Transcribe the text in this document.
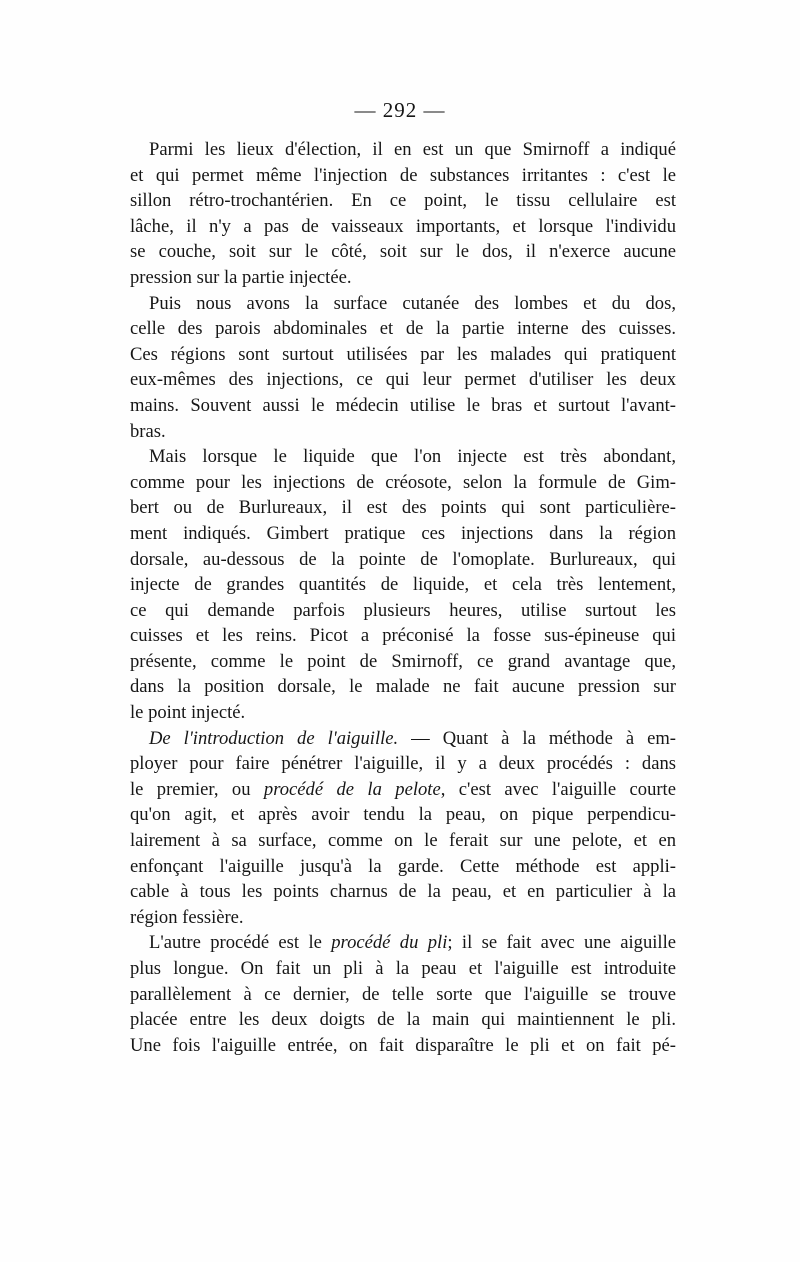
— 292 —
Parmi les lieux d'élection, il en est un que Smirnoff a indiqué
et qui permet même l'injection de substances irritantes : c'est le
sillon rétro-trochantérien. En ce point, le tissu cellulaire est
lâche, il n'y a pas de vaisseaux importants, et lorsque l'individu
se couche, soit sur le côté, soit sur le dos, il n'exerce aucune
pression sur la partie injectée.
Puis nous avons la surface cutanée des lombes et du dos,
celle des parois abdominales et de la partie interne des cuisses.
Ces régions sont surtout utilisées par les malades qui pratiquent
eux-mêmes des injections, ce qui leur permet d'utiliser les deux
mains. Souvent aussi le médecin utilise le bras et surtout l'avant-
bras.
Mais lorsque le liquide que l'on injecte est très abondant,
comme pour les injections de créosote, selon la formule de Gim-
bert ou de Burlureaux, il est des points qui sont particulière-
ment indiqués. Gimbert pratique ces injections dans la région
dorsale, au-dessous de la pointe de l'omoplate. Burlureaux, qui
injecte de grandes quantités de liquide, et cela très lentement,
ce qui demande parfois plusieurs heures, utilise surtout les
cuisses et les reins. Picot a préconisé la fosse sus-épineuse qui
présente, comme le point de Smirnoff, ce grand avantage que,
dans la position dorsale, le malade ne fait aucune pression sur
le point injecté.
De l'introduction de l'aiguille. — Quant à la méthode à em-
ployer pour faire pénétrer l'aiguille, il y a deux procédés : dans
le premier, ou procédé de la pelote, c'est avec l'aiguille courte
qu'on agit, et après avoir tendu la peau, on pique perpendicu-
lairement à sa surface, comme on le ferait sur une pelote, et en
enfonçant l'aiguille jusqu'à la garde. Cette méthode est appli-
cable à tous les points charnus de la peau, et en particulier à la
région fessière.
L'autre procédé est le procédé du pli; il se fait avec une aiguille
plus longue. On fait un pli à la peau et l'aiguille est introduite
parallèlement à ce dernier, de telle sorte que l'aiguille se trouve
placée entre les deux doigts de la main qui maintiennent le pli.
Une fois l'aiguille entrée, on fait disparaître le pli et on fait pé-
